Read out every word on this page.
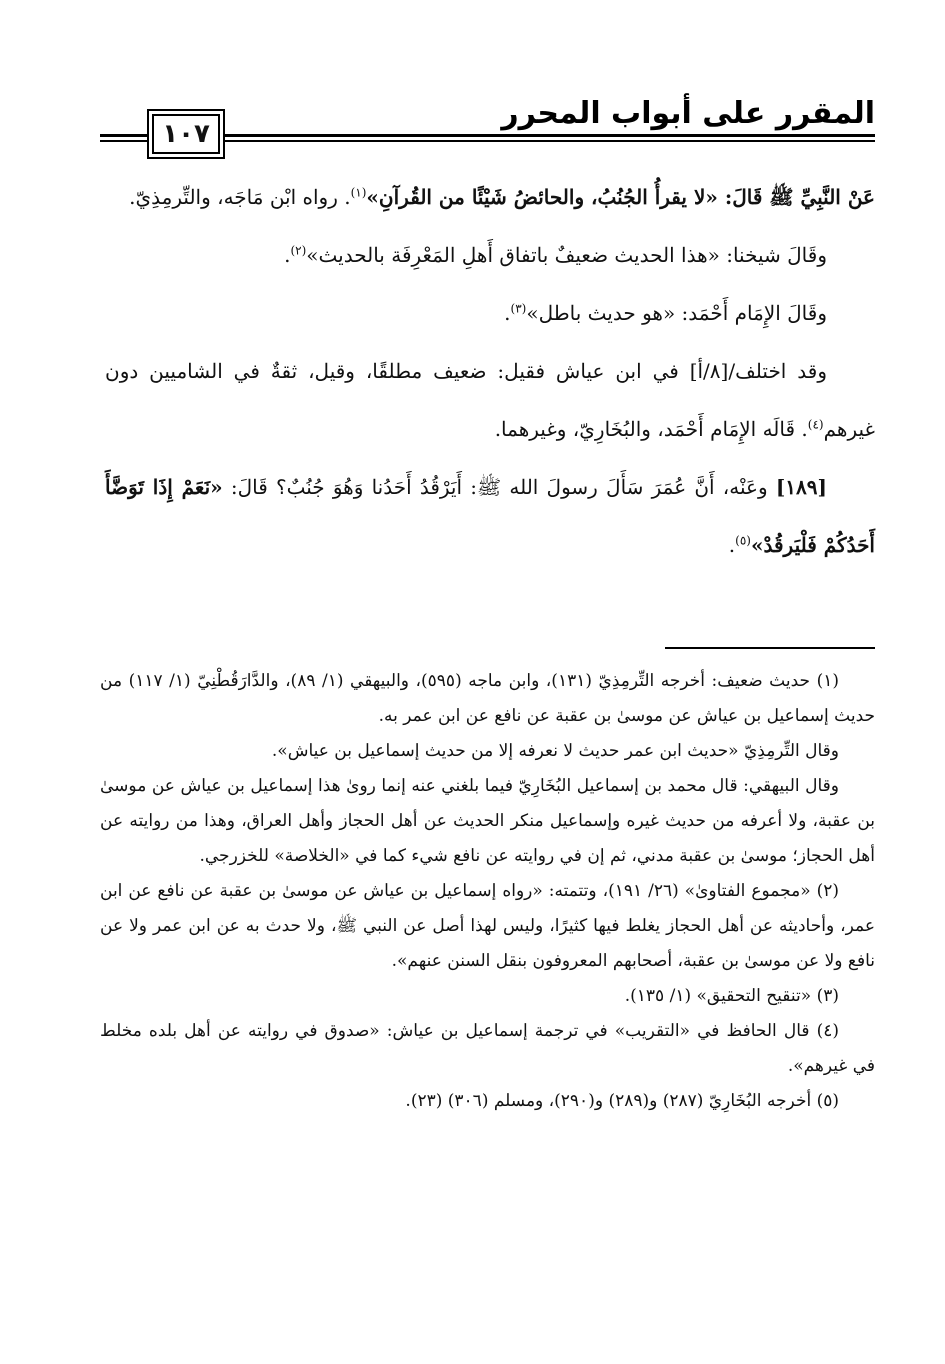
المقرر على أبواب المحرر
١٠٧

عَنْ النَّبِيِّ ﷺ قَالَ: «لا يقرأُ الجُنُبُ، والحائضُ شَيْئًا من القُرآنِ»$^{(١)}$. رواه ابْن مَاجَه، والتِّرمِذِيّ.

وقَالَ شيخنا: «هذا الحديث ضعيفٌ باتفاق أَهلِ المَعْرِفَة بالحديث»$^{(٢)}$.

وقَالَ الإِمَام أَحْمَد: «هو حديث باطل»$^{(٣)}$.

وقد اختلف/[٨/أ] في ابن عياش فقيل: ضعيف مطلقًا، وقيل، ثقةٌ في الشاميين دون غيرهم$^{(٤)}$. قَالَه الإِمَام أَحْمَد، والبُخَارِيّ، وغيرهما.

[١٨٩] وعَنْه، أَنَّ عُمَرَ سَأَلَ رسولَ الله ﷺ: أَيَرْقُدُ أَحَدُنا وَهُوَ جُنُبٌ؟ قَالَ: «نَعَمْ إِذَا تَوَضَّأَ أَحَدُكُمْ فَلْيَرقُدْ»$^{(٥)}$.

(١) حديث ضعيف: أخرجه التِّرمِذِيّ (١٣١)، وابن ماجه (٥٩٥)، والبيهقي (١/ ٨٩)، والدَّارَقُطْنِيّ (١/ ١١٧) من حديث إسماعيل بن عياش عن موسىٰ بن عقبة عن نافع عن ابن عمر به.

وقال التِّرمِذِيّ «حديث ابن عمر حديث لا نعرفه إلا من حديث إسماعيل بن عياش».

وقال البيهقي: قال محمد بن إسماعيل البُخَارِيّ فيما بلغني عنه إنما روىٰ هذا إسماعيل بن عياش عن موسىٰ بن عقبة، ولا أعرفه من حديث غيره وإسماعيل منكر الحديث عن أهل الحجاز وأهل العراق، وهذا من روايته عن أهل الحجاز؛ موسىٰ بن عقبة مدني، ثم إن في روايته عن نافع شيء كما في «الخلاصة» للخزرجي.

(٢) «مجموع الفتاوىٰ» (٢٦/ ١٩١)، وتتمته: «رواه إسماعيل بن عياش عن موسىٰ بن عقبة عن نافع عن ابن عمر، وأحاديثه عن أهل الحجاز يغلط فيها كثيرًا، وليس لهذا أصل عن النبي ﷺ، ولا حدث به عن ابن عمر ولا عن نافع ولا عن موسىٰ بن عقبة، أصحابهم المعروفون بنقل السنن عنهم».

(٣) «تنقيح التحقيق» (١/ ١٣٥).

(٤) قال الحافظ في «التقريب» في ترجمة إسماعيل بن عياش: «صدوق في روايته عن أهل بلده مخلط في غيرهم».

(٥) أخرجه البُخَارِيّ (٢٨٧) و(٢٨٩) و(٢٩٠)، ومسلم (٣٠٦) (٢٣).
